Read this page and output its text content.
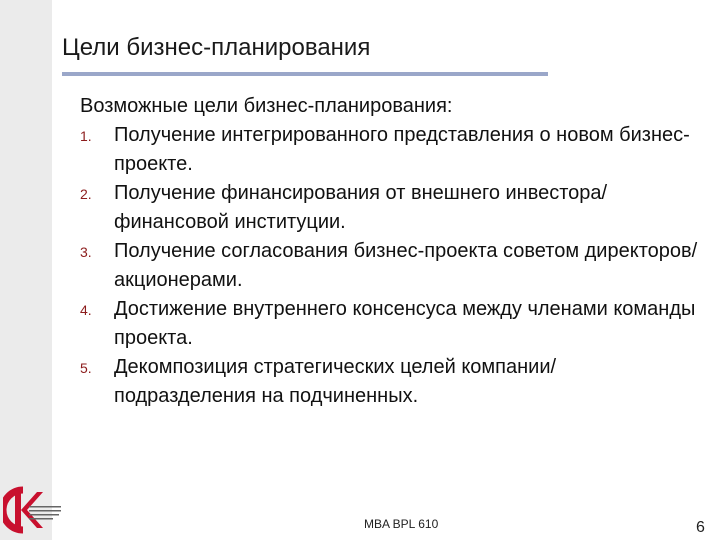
Цели бизнес-планирования

Возможные цели бизнес-планирования:

1.	Получение интегрированного представления о новом бизнес-проекте.
2.	Получение финансирования от внешнего инвестора/ финансовой институции.
3.	Получение согласования бизнес-проекта советом директоров/ акционерами.
4.	Достижение внутреннего консенсуса между членами команды проекта.
5.	Декомпозиция стратегических целей компании/ подразделения на подчиненных.
MBA BPL 610	6
